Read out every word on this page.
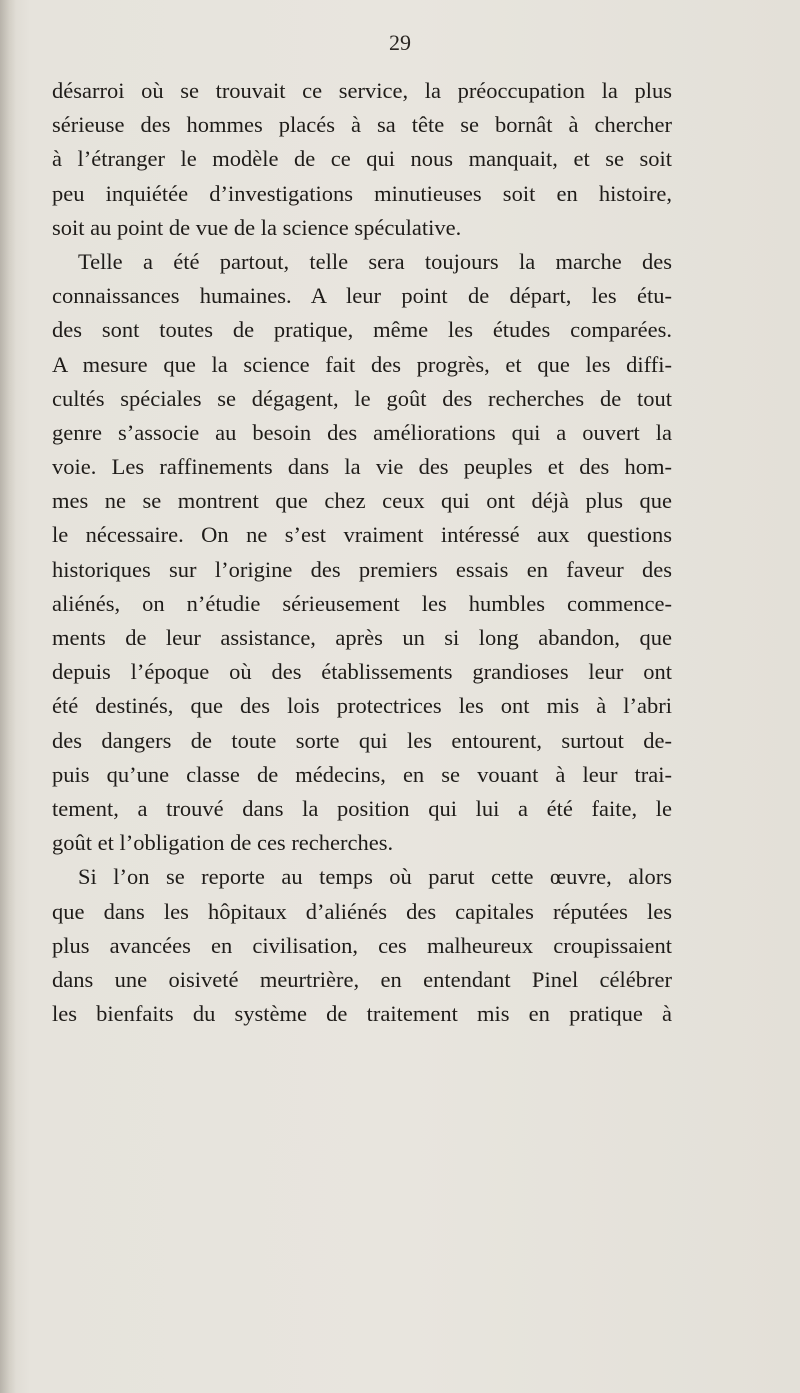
29

désarroi où se trouvait ce service, la préoccupation la plus
sérieuse des hommes placés à sa tête se bornât à chercher
à l’étranger le modèle de ce qui nous manquait, et se soit
peu inquiétée d’investigations minutieuses soit en histoire,
soit au point de vue de la science spéculative.
Telle a été partout, telle sera toujours la marche des
connaissances humaines. A leur point de départ, les étu-
des sont toutes de pratique, même les études comparées.
A mesure que la science fait des progrès, et que les diffi-
cultés spéciales se dégagent, le goût des recherches de tout
genre s’associe au besoin des améliorations qui a ouvert la
voie. Les raffinements dans la vie des peuples et des hom-
mes ne se montrent que chez ceux qui ont déjà plus que
le nécessaire. On ne s’est vraiment intéressé aux questions
historiques sur l’origine des premiers essais en faveur des
aliénés, on n’étudie sérieusement les humbles commence-
ments de leur assistance, après un si long abandon, que
depuis l’époque où des établissements grandioses leur ont
été destinés, que des lois protectrices les ont mis à l’abri
des dangers de toute sorte qui les entourent, surtout de-
puis qu’une classe de médecins, en se vouant à leur trai-
tement, a trouvé dans la position qui lui a été faite, le
goût et l’obligation de ces recherches.
Si l’on se reporte au temps où parut cette œuvre, alors
que dans les hôpitaux d’aliénés des capitales réputées les
plus avancées en civilisation, ces malheureux croupissaient
dans une oisiveté meurtrière, en entendant Pinel célébrer
les bienfaits du système de traitement mis en pratique à
